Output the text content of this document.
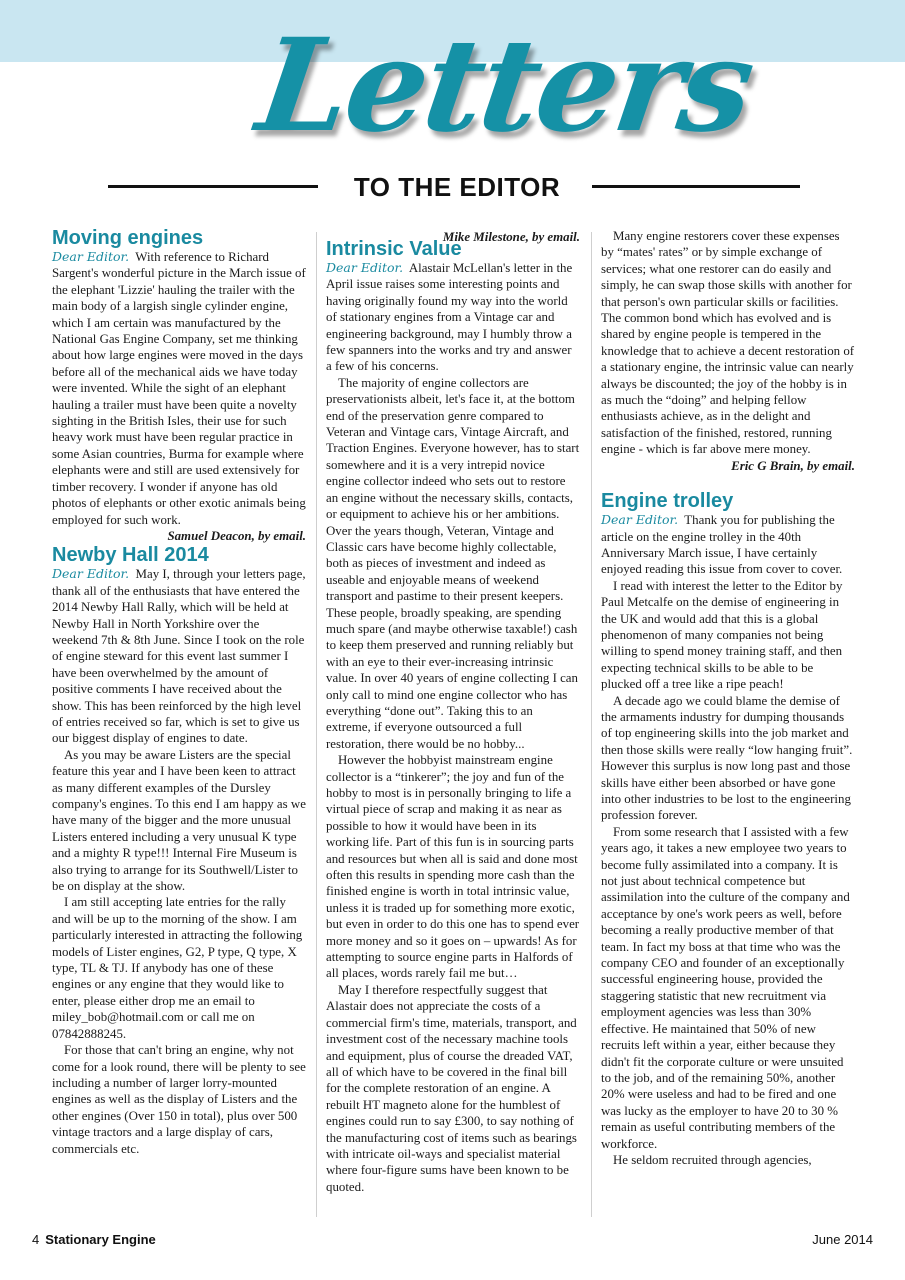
Letters
TO THE EDITOR
Moving engines

Dear Editor. With reference to Richard Sargent's wonderful picture in the March issue of the elephant 'Lizzie' hauling the trailer with the main body of a largish single cylinder engine, which I am certain was manufactured by the National Gas Engine Company, set me thinking about how large engines were moved in the days before all of the mechanical aids we have today were invented. While the sight of an elephant hauling a trailer must have been quite a novelty sighting in the British Isles, their use for such heavy work must have been regular practice in some Asian countries, Burma for example where elephants were and still are used extensively for timber recovery. I wonder if anyone has old photos of elephants or other exotic animals being employed for such work.

Samuel Deacon, by email.

Newby Hall 2014

Dear Editor. May I, through your letters page, thank all of the enthusiasts that have entered the 2014 Newby Hall Rally, which will be held at Newby Hall in North Yorkshire over the weekend 7th & 8th June. Since I took on the role of engine steward for this event last summer I have been overwhelmed by the amount of positive comments I have received about the show. This has been reinforced by the high level of entries received so far, which is set to give us our biggest display of engines to date.

As you may be aware Listers are the special feature this year and I have been keen to attract as many different examples of the Dursley company's engines. To this end I am happy as we have many of the bigger and the more unusual Listers entered including a very unusual K type and a mighty R type!!! Internal Fire Museum is also trying to arrange for its Southwell/Lister to be on display at the show.

I am still accepting late entries for the rally and will be up to the morning of the show. I am particularly interested in attracting the following models of Lister engines, G2, P type, Q type, X type, TL & TJ. If anybody has one of these engines or any engine that they would like to enter, please either drop me an email to miley_bob@hotmail.com or call me on 07842888245.

For those that can't bring an engine, why not come for a look round, there will be plenty to see including a number of larger lorry-mounted engines as well as the display of Listers and the other engines (Over 150 in total), plus over 500 vintage tractors and a large display of cars, commercials etc.

Mike Milestone, by email.
Intrinsic Value

Dear Editor. Alastair McLellan's letter in the April issue raises some interesting points and having originally found my way into the world of stationary engines from a Vintage car and engineering background, may I humbly throw a few spanners into the works and try and answer a few of his concerns.

The majority of engine collectors are preservationists albeit, let's face it, at the bottom end of the preservation genre compared to Veteran and Vintage cars, Vintage Aircraft, and Traction Engines. Everyone however, has to start somewhere and it is a very intrepid novice engine collector indeed who sets out to restore an engine without the necessary skills, contacts, or equipment to achieve his or her ambitions. Over the years though, Veteran, Vintage and Classic cars have become highly collectable, both as pieces of investment and indeed as useable and enjoyable means of weekend transport and pastime to their present keepers. These people, broadly speaking, are spending much spare (and maybe otherwise taxable!) cash to keep them preserved and running reliably but with an eye to their ever-increasing intrinsic value. In over 40 years of engine collecting I can only call to mind one engine collector who has everything “done out”. Taking this to an extreme, if everyone outsourced a full restoration, there would be no hobby...

However the hobbyist mainstream engine collector is a “tinkerer”; the joy and fun of the hobby to most is in personally bringing to life a virtual piece of scrap and making it as near as possible to how it would have been in its working life. Part of this fun is in sourcing parts and resources but when all is said and done most often this results in spending more cash than the finished engine is worth in total intrinsic value, unless it is traded up for something more exotic, but even in order to do this one has to spend ever more money and so it goes on – upwards! As for attempting to source engine parts in Halfords of all places, words rarely fail me but…

May I therefore respectfully suggest that Alastair does not appreciate the costs of a commercial firm's time, materials, transport, and investment cost of the necessary machine tools and equipment, plus of course the dreaded VAT, all of which have to be covered in the final bill for the complete restoration of an engine. A rebuilt HT magneto alone for the humblest of engines could run to say £300, to say nothing of the manufacturing cost of items such as bearings with intricate oil-ways and specialist material where four-figure sums have been known to be quoted.

Many engine restorers cover these expenses by “mates' rates” or by simple exchange of services; what one restorer can do easily and simply, he can swap those skills with another for that person's own particular skills or facilities. The common bond which has evolved and is shared by engine people is tempered in the knowledge that to achieve a decent restoration of a stationary engine, the intrinsic value can nearly always be discounted; the joy of the hobby is in as much the “doing” and helping fellow enthusiasts achieve, as in the delight and satisfaction of the finished, restored, running engine - which is far above mere money.

Eric G Brain, by email.

Engine trolley

Dear Editor. Thank you for publishing the article on the engine trolley in the 40th Anniversary March issue, I have certainly enjoyed reading this issue from cover to cover.

I read with interest the letter to the Editor by Paul Metcalfe on the demise of engineering in the UK and would add that this is a global phenomenon of many companies not being willing to spend money training staff, and then expecting technical skills to be able to be plucked off a tree like a ripe peach!

A decade ago we could blame the demise of the armaments industry for dumping thousands of top engineering skills into the job market and then those skills were really “low hanging fruit”. However this surplus is now long past and those skills have either been absorbed or have gone into other industries to be lost to the engineering profession forever.

From some research that I assisted with a few years ago, it takes a new employee two years to become fully assimilated into a company. It is not just about technical competence but assimilation into the culture of the company and acceptance by one's work peers as well, before becoming a really productive member of that team. In fact my boss at that time who was the company CEO and founder of an exceptionally successful engineering house, provided the staggering statistic that new recruitment via employment agencies was less than 30% effective. He maintained that 50% of new recruits left within a year, either because they didn't fit the corporate culture or were unsuited to the job, and of the remaining 50%, another 20% were useless and had to be fired and one was lucky as the employer to have 20 to 30 % remain as useful contributing members of the workforce.

He seldom recruited through agencies,

4 Stationary Engine	June 2014
